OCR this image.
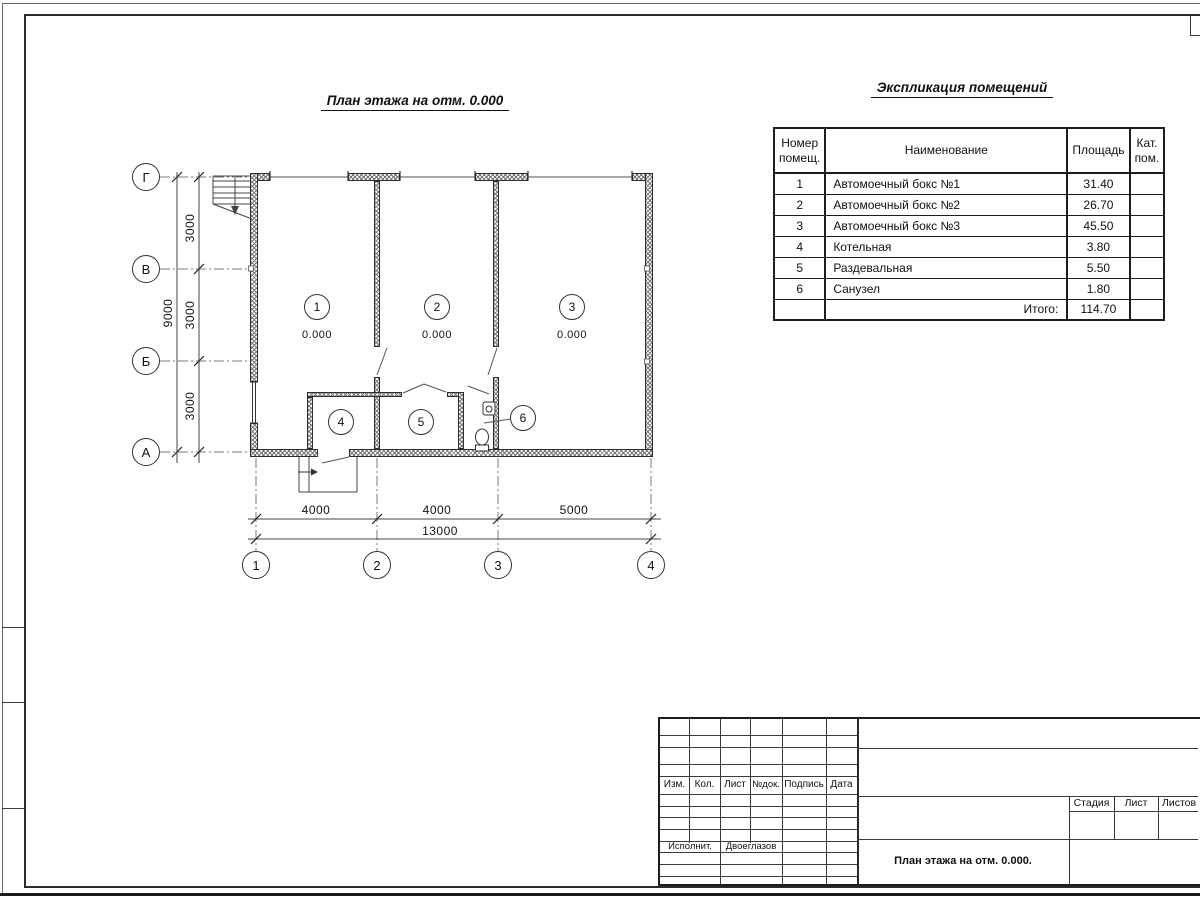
План этажа на отм. 0.000
Г
В
Б
А
1	2	3	4
1	2	3
4	5	6
0.000	0.000	0.000
4000	4000	5000
13000
3000
3000
3000
9000
Экспликация помещений
Номер
помещ.	Наименование	Площадь	Кат.
пом.
1	Автомоечный бокс №1	31.40	
2	Автомоечный бокс №2	26.70	
3	Автомоечный бокс №3	45.50	
4	Котельная	3.80	
5	Раздевальная	5.50	
6	Санузел	1.80	
	Итого:	114.70	
Изм. Кол. Лист №док. Подпись Дата
Исполнит.	Двоеглазов
Стадия	Лист	Листов
План этажа на отм. 0.000.
